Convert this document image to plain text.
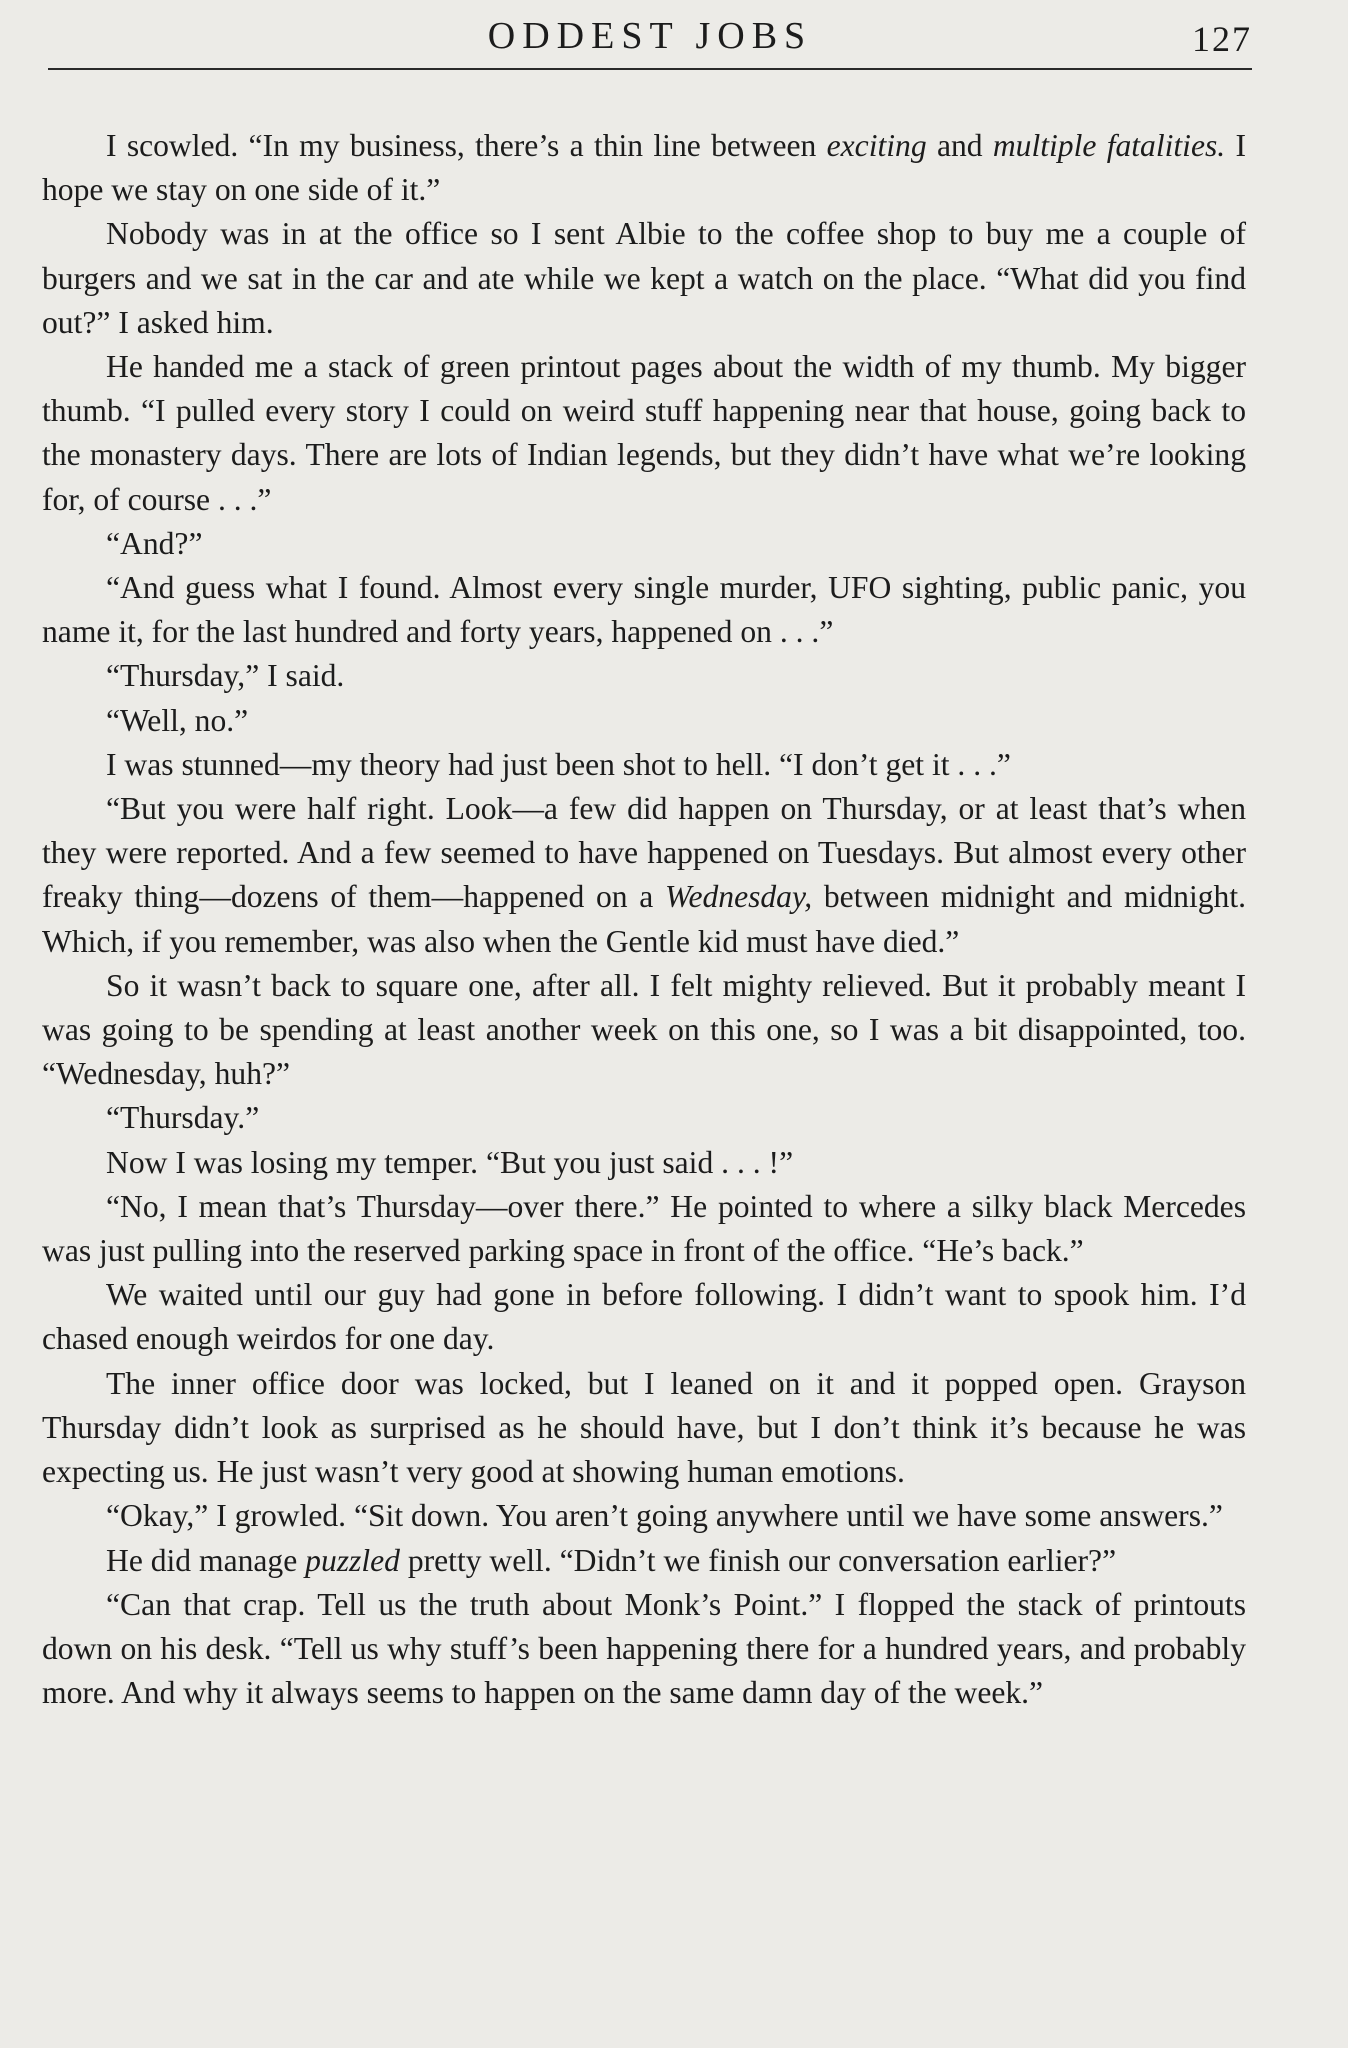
ODDEST JOBS	127

I scowled. “In my business, there’s a thin line between exciting and multiple fatalities. I hope we stay on one side of it.”

Nobody was in at the office so I sent Albie to the coffee shop to buy me a couple of burgers and we sat in the car and ate while we kept a watch on the place. “What did you find out?” I asked him.

He handed me a stack of green printout pages about the width of my thumb. My bigger thumb. “I pulled every story I could on weird stuff happening near that house, going back to the monastery days. There are lots of Indian legends, but they didn’t have what we’re looking for, of course . . .”

“And?”

“And guess what I found. Almost every single murder, UFO sighting, public panic, you name it, for the last hundred and forty years, happened on . . .”

“Thursday,” I said.

“Well, no.”

I was stunned—my theory had just been shot to hell. “I don’t get it . . .”

“But you were half right. Look—a few did happen on Thursday, or at least that’s when they were reported. And a few seemed to have happened on Tuesdays. But almost every other freaky thing—dozens of them—happened on a Wednesday, between midnight and midnight. Which, if you remember, was also when the Gentle kid must have died.”

So it wasn’t back to square one, after all. I felt mighty relieved. But it probably meant I was going to be spending at least another week on this one, so I was a bit disappointed, too. “Wednesday, huh?”

“Thursday.”

Now I was losing my temper. “But you just said . . . !”

“No, I mean that’s Thursday—over there.” He pointed to where a silky black Mercedes was just pulling into the reserved parking space in front of the office. “He’s back.”

We waited until our guy had gone in before following. I didn’t want to spook him. I’d chased enough weirdos for one day.

The inner office door was locked, but I leaned on it and it popped open. Grayson Thursday didn’t look as surprised as he should have, but I don’t think it’s because he was expecting us. He just wasn’t very good at showing human emotions.

“Okay,” I growled. “Sit down. You aren’t going anywhere until we have some answers.”

He did manage puzzled pretty well. “Didn’t we finish our conversation earlier?”

“Can that crap. Tell us the truth about Monk’s Point.” I flopped the stack of printouts down on his desk. “Tell us why stuff’s been happening there for a hundred years, and probably more. And why it always seems to happen on the same damn day of the week.”
